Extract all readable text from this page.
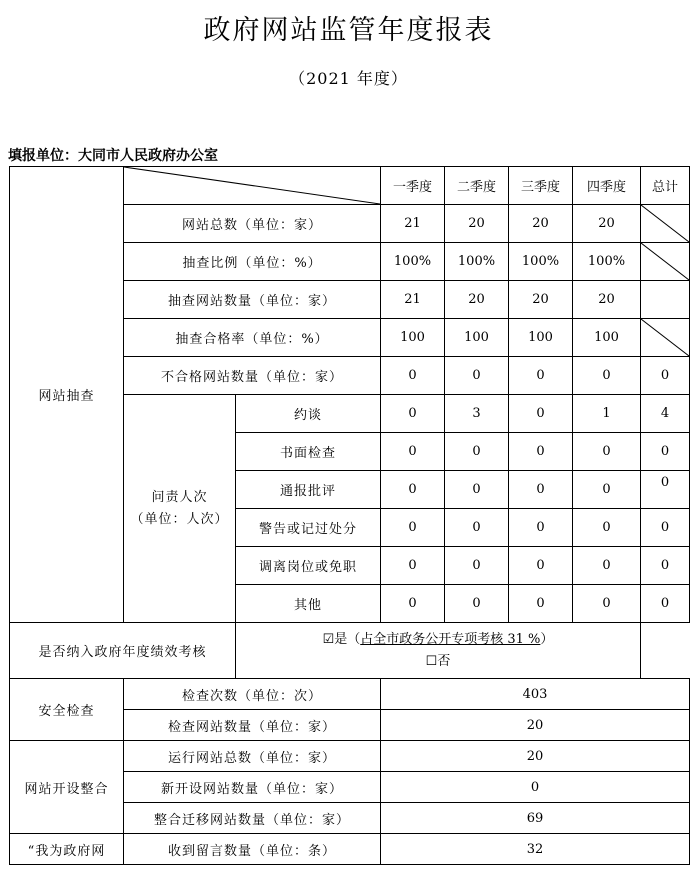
政府网站监管年度报表
（2021 年度）
填报单位：大同市人民政府办公室
网站抽查			一季度	二季度	三季度	四季度	总计
	网站总数（单位：家）		21	20	20	20	

	抽查比例（单位：%）		100%	100%	100%	100%	

	抽查网站数量（单位：家）		21	20	20	20	
	抽查合格率（单位：%）		100	100	100	100	

	不合格网站数量（单位：家）		0	0	0	0	0

	问责人次
（单位：人次）	约谈	0	3	0	1	4
		书面检查	0	0	0	0	0
		通报批评	0	0	0	0	0
		警告或记过处分	0	0	0	0	0
		调离岗位或免职	0	0	0	0	0
		其他	0	0	0	0	0
是否纳入政府年度绩效考核		☑是（占全市政务公开专项考核 31 %）
☐否					

安全检查	检查次数（单位：次）		403				
	检查网站数量（单位：家）		20				
网站开设整合	运行网站总数（单位：家）		20				
	新开设网站数量（单位：家）		0				
	整合迁移网站数量（单位：家）		69				
“我为政府网	收到留言数量（单位：条）		32				
